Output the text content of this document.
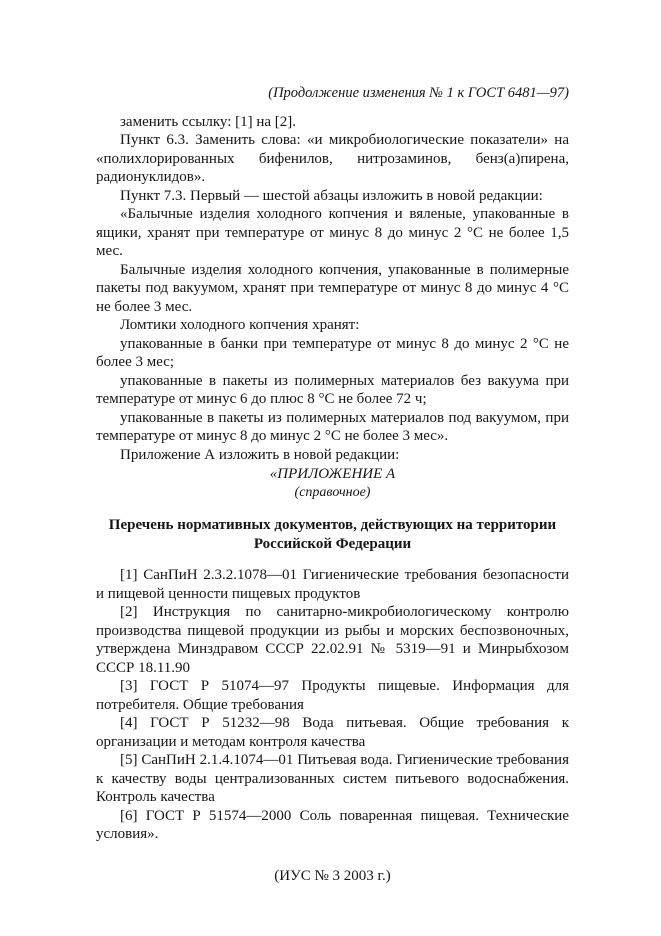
(Продолжение изменения № 1 к ГОСТ 6481—97)

заменить ссылку: [1] на [2].

Пункт 6.3. Заменить слова: «и микробиологические показатели» на «полихлорированных бифенилов, нитрозаминов, бенз(а)пирена, радионуклидов».

Пункт 7.3. Первый — шестой абзацы изложить в новой редакции:

«Балычные изделия холодного копчения и вяленые, упакованные в ящики, хранят при температуре от минус 8 до минус 2 °С не более 1,5 мес.

Балычные изделия холодного копчения, упакованные в полимерные пакеты под вакуумом, хранят при температуре от минус 8 до минус 4 °С не более 3 мес.

Ломтики холодного копчения хранят:

упакованные в банки при температуре от минус 8 до минус 2 °С не более 3 мес;

упакованные в пакеты из полимерных материалов без вакуума при температуре от минус 6 до плюс 8 °С не более 72 ч;

упакованные в пакеты из полимерных материалов под вакуумом, при температуре от минус 8 до минус 2 °С не более 3 мес».

Приложение А изложить в новой редакции:

«ПРИЛОЖЕНИЕ А

(справочное)

Перечень нормативных документов, действующих на территории Российской Федерации

[1] СанПиН 2.3.2.1078—01 Гигиенические требования безопасности и пищевой ценности пищевых продуктов

[2] Инструкция по санитарно-микробиологическому контролю производства пищевой продукции из рыбы и морских беспозвоночных, утверждена Минздравом СССР 22.02.91 № 5319—91 и Минрыбхозом СССР 18.11.90

[3] ГОСТ Р 51074—97 Продукты пищевые. Информация для потребителя. Общие требования

[4] ГОСТ Р 51232—98 Вода питьевая. Общие требования к организации и методам контроля качества

[5] СанПиН 2.1.4.1074—01 Питьевая вода. Гигиенические требования к качеству воды централизованных систем питьевого водоснабжения. Контроль качества

[6] ГОСТ Р 51574—2000 Соль поваренная пищевая. Технические условия».

(ИУС № 3 2003 г.)
